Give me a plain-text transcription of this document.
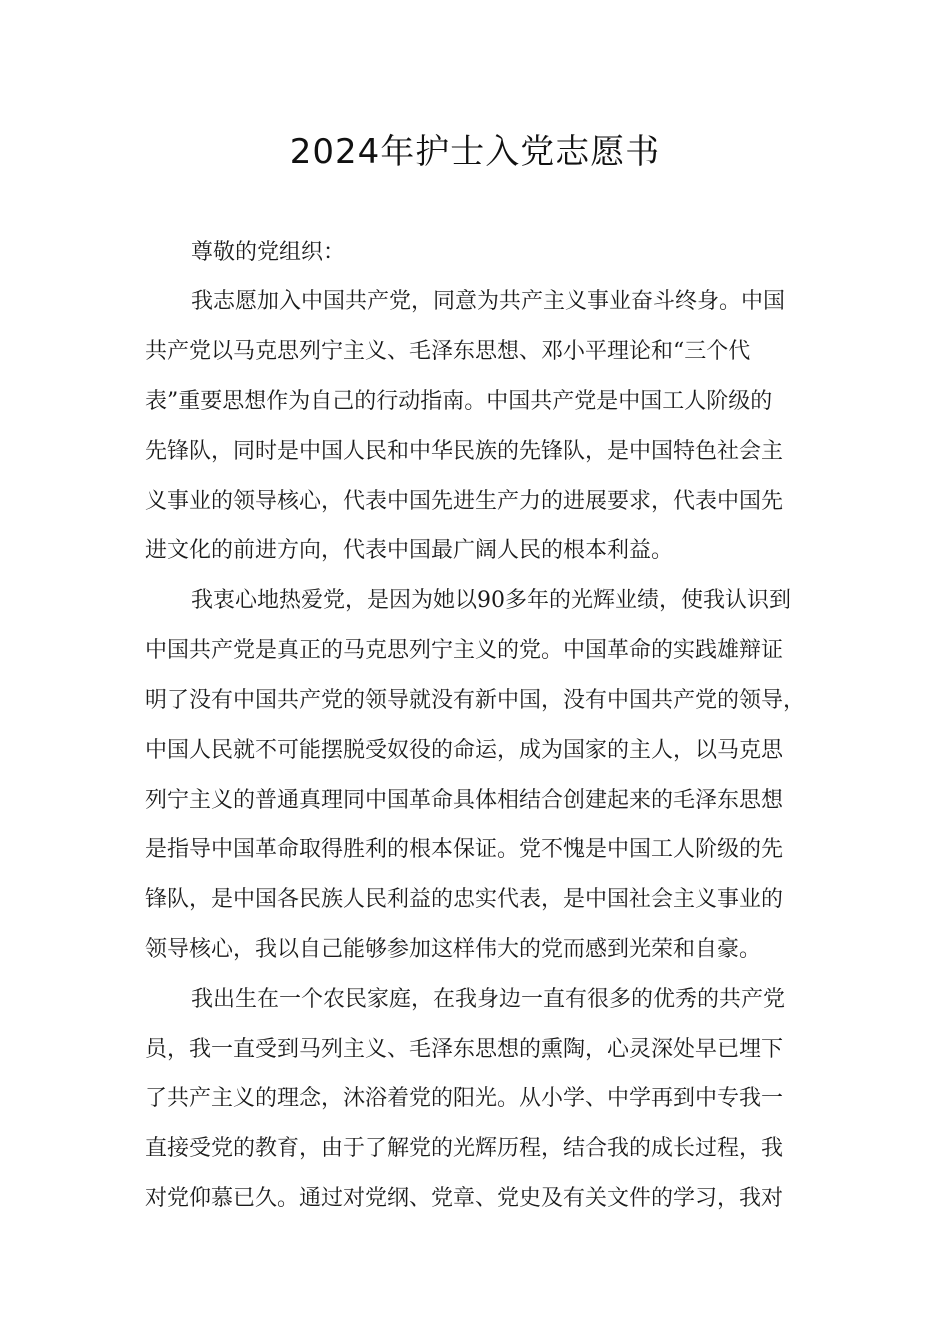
2024年护士入党志愿书
尊敬的党组织：
我志愿加入中国共产党，同意为共产主义事业奋斗终身。中国
共产党以马克思列宁主义、毛泽东思想、邓小平理论和“三个代
表”重要思想作为自己的行动指南。中国共产党是中国工人阶级的
先锋队，同时是中国人民和中华民族的先锋队，是中国特色社会主
义事业的领导核心，代表中国先进生产力的进展要求，代表中国先
进文化的前进方向，代表中国最广阔人民的根本利益。
我衷心地热爱党，是因为她以90多年的光辉业绩，使我认识到
中国共产党是真正的马克思列宁主义的党。中国革命的实践雄辩证
明了没有中国共产党的领导就没有新中国，没有中国共产党的领导，
中国人民就不可能摆脱受奴役的命运，成为国家的主人，以马克思
列宁主义的普通真理同中国革命具体相结合创建起来的毛泽东思想
是指导中国革命取得胜利的根本保证。党不愧是中国工人阶级的先
锋队，是中国各民族人民利益的忠实代表，是中国社会主义事业的
领导核心，我以自己能够参加这样伟大的党而感到光荣和自豪。
我出生在一个农民家庭，在我身边一直有很多的优秀的共产党
员，我一直受到马列主义、毛泽东思想的熏陶，心灵深处早已埋下
了共产主义的理念，沐浴着党的阳光。从小学、中学再到中专我一
直接受党的教育，由于了解党的光辉历程，结合我的成长过程，我
对党仰慕已久。通过对党纲、党章、党史及有关文件的学习，我对
